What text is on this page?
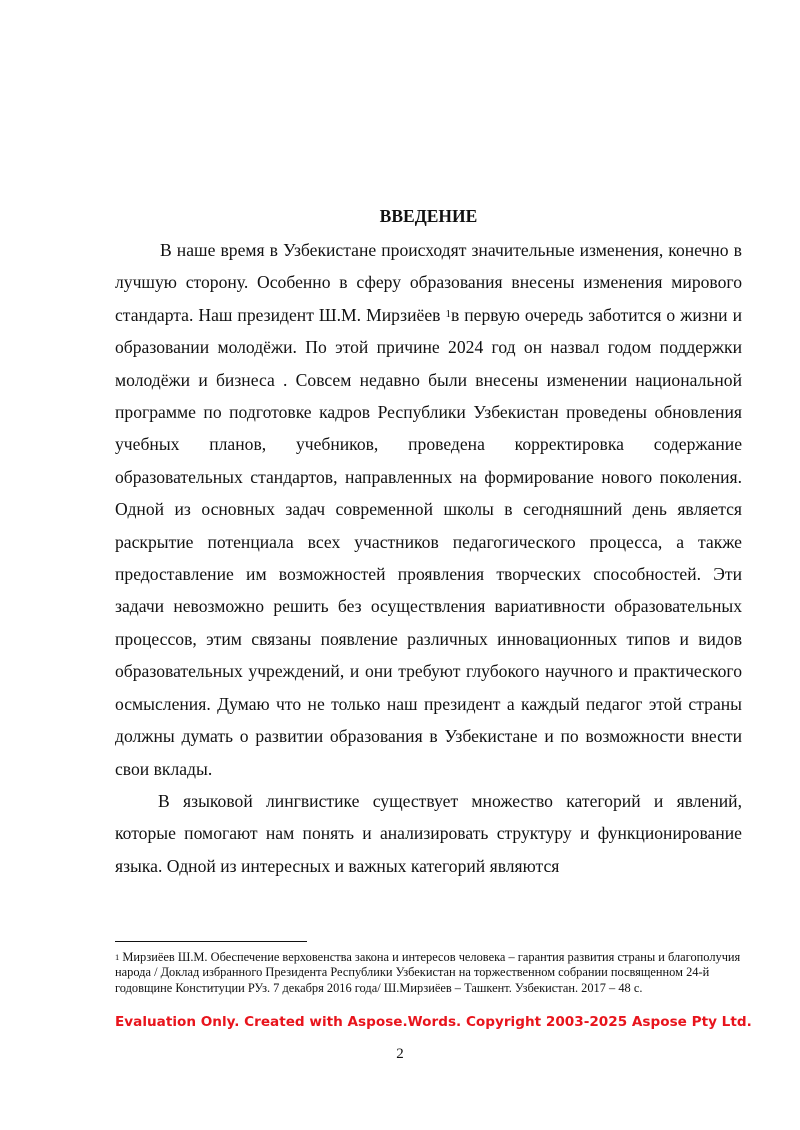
ВВЕДЕНИЕ

В наше время в Узбекистане происходят значительные изменения, конечно в лучшую сторону. Особенно в сферу образования внесены изменения мирового стандарта. Наш президент Ш.М. Мирзиёев $^1$в первую очередь заботится о жизни и образовании молодёжи. По этой причине 2024 год он назвал годом поддержки молодёжи и бизнеса . Совсем недавно были внесены изменении национальной программе по подготовке кадров Республики Узбекистан проведены обновления учебных планов, учебников, проведена корректировка содержание образовательных стандартов, направленных на формирование нового поколения. Одной из основных задач современной школы в сегодняшний день является раскрытие потенциала всех участников педагогического процесса, а также предоставление им возможностей проявления творческих способностей. Эти задачи невозможно решить без осуществления вариативности образовательных процессов, этим связаны появление различных инновационных типов и видов образовательных учреждений, и они требуют глубокого научного и практического осмысления. Думаю что не только наш президент а каждый педагог этой страны должны думать о развитии образования в Узбекистане и по возможности внести свои вклады.

В языковой лингвистике существует множество категорий и явлений, которые помогают нам понять и анализировать структуру и функционирование языка. Одной из интересных и важных категорий являются

$^1$ Мирзиёев Ш.М. Обеспечение верховенства закона и интересов человека – гарантия развития страны и благополучия народа / Доклад избранного Президента Республики Узбекистан на торжественном собрании посвященном 24-й годовщине Конституции РУз. 7 декабря 2016 года/ Ш.Мирзиёев – Ташкент. Узбекистан. 2017 – 48 с.
Evaluation Only. Created with Aspose.Words. Copyright 2003-2025 Aspose Pty Ltd.
2
